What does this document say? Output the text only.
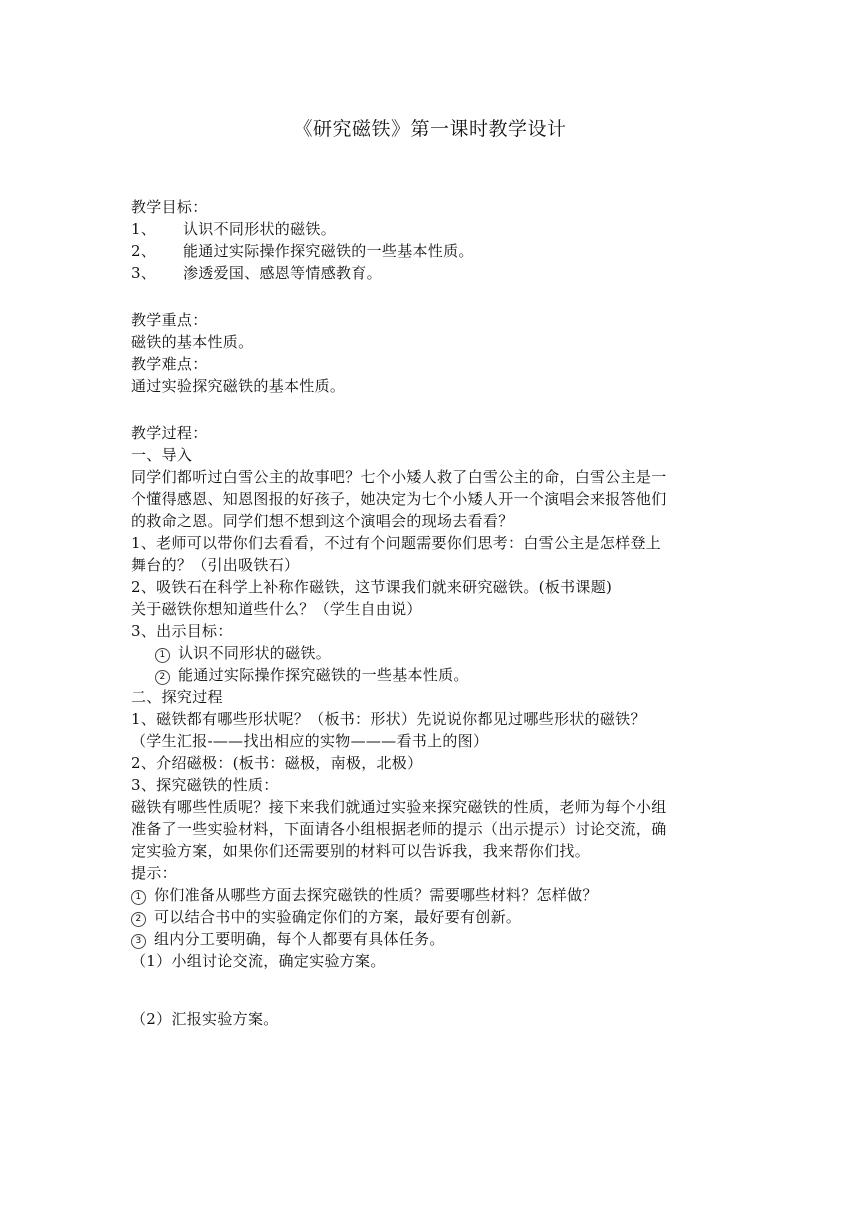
《研究磁铁》第一课时教学设计
教学目标：
1、 认识不同形状的磁铁。
2、 能通过实际操作探究磁铁的一些基本性质。
3、 渗透爱国、感恩等情感教育。
教学重点：
磁铁的基本性质。
教学难点：
通过实验探究磁铁的基本性质。
教学过程：
一、导入
同学们都听过白雪公主的故事吧？七个小矮人救了白雪公主的命，白雪公主是一
个懂得感恩、知恩图报的好孩子，她决定为七个小矮人开一个演唱会来报答他们
的救命之恩。同学们想不想到这个演唱会的现场去看看？
1、老师可以带你们去看看，不过有个问题需要你们思考：白雪公主是怎样登上
舞台的？（引出吸铁石）
2、吸铁石在科学上补称作磁铁，这节课我们就来研究磁铁。(板书课题)
关于磁铁你想知道些什么？（学生自由说）
3、出示目标：
1 认识不同形状的磁铁。
2 能通过实际操作探究磁铁的一些基本性质。
二、探究过程
1、磁铁都有哪些形状呢？（板书：形状）先说说你都见过哪些形状的磁铁？
（学生汇报-——找出相应的实物———看书上的图）
2、介绍磁极：(板书：磁极，南极，北极）
3、探究磁铁的性质：
磁铁有哪些性质呢？接下来我们就通过实验来探究磁铁的性质，老师为每个小组
准备了一些实验材料，下面请各小组根据老师的提示（出示提示）讨论交流，确
定实验方案，如果你们还需要别的材料可以告诉我，我来帮你们找。
提示：
1 你们准备从哪些方面去探究磁铁的性质？需要哪些材料？怎样做？
2 可以结合书中的实验确定你们的方案，最好要有创新。
3 组内分工要明确，每个人都要有具体任务。
（1）小组讨论交流，确定实验方案。
（2）汇报实验方案。
